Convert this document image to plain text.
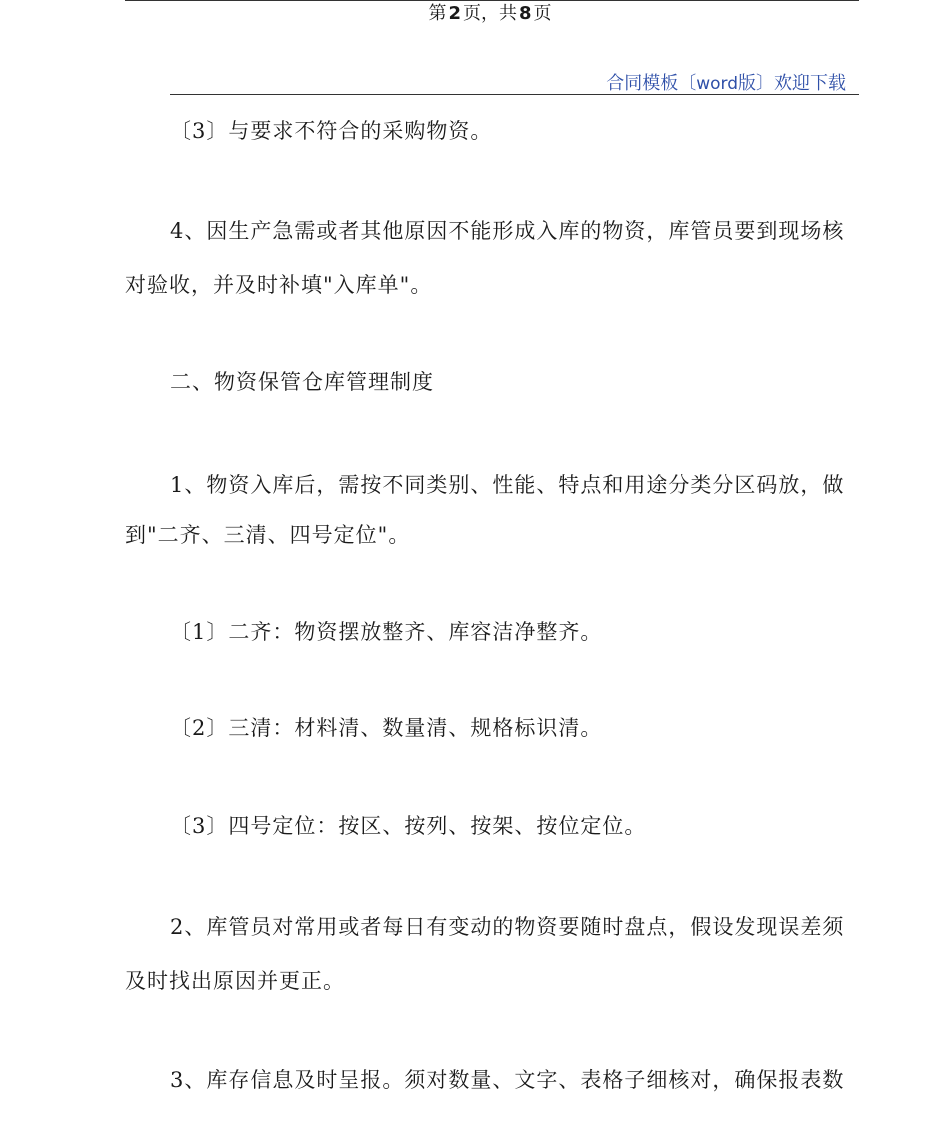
第 2 页，共 8 页
合同模板〔word版〕欢迎下载
〔3〕与要求不符合的采购物资。
4、因生产急需或者其他原因不能形成入库的物资，库管员要到现场核
对验收，并及时补填"入库单"。
二、物资保管仓库管理制度
1、物资入库后，需按不同类别、性能、特点和用途分类分区码放，做
到"二齐、三清、四号定位"。
〔1〕二齐：物资摆放整齐、库容洁净整齐。
〔2〕三清：材料清、数量清、规格标识清。
〔3〕四号定位：按区、按列、按架、按位定位。
2、库管员对常用或者每日有变动的物资要随时盘点，假设发现误差须
及时找出原因并更正。
3、库存信息及时呈报。须对数量、文字、表格子细核对，确保报表数
